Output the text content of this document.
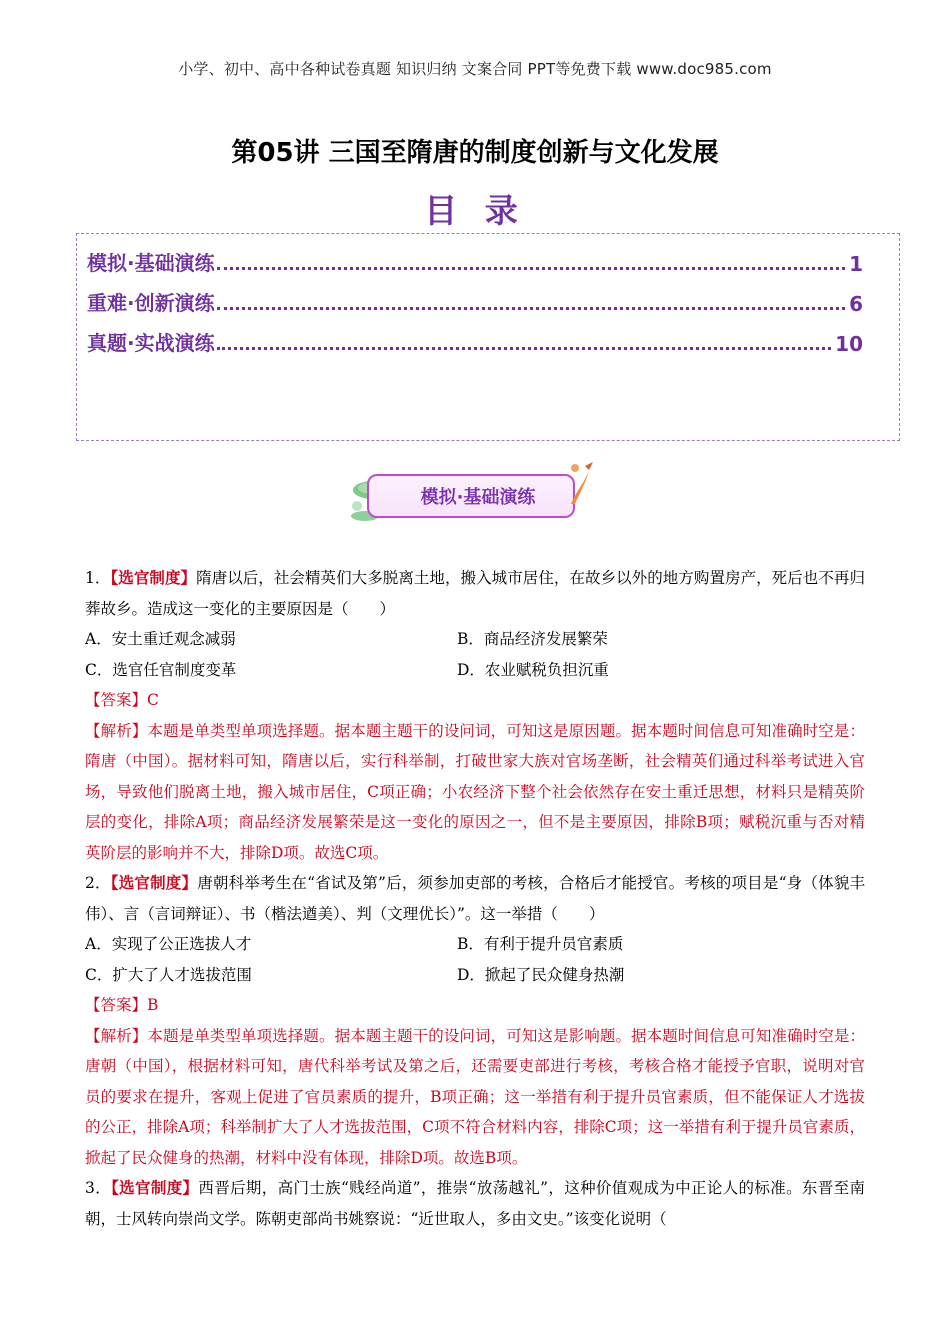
小学、初中、高中各种试卷真题 知识归纳 文案合同 PPT等免费下载 www.doc985.com
第05讲 三国至隋唐的制度创新与文化发展
目 录
模拟·基础演练	1
重难·创新演练	6
真题·实战演练	10
模拟·基础演练

1．【选官制度】隋唐以后，社会精英们大多脱离土地，搬入城市居住，在故乡以外的地方购置房产，死后也不再归葬故乡。造成这一变化的主要原因是（　　）

A．安土重迁观念减弱	B．商品经济发展繁荣
C．选官任官制度变革	D．农业赋税负担沉重

【答案】C

【解析】本题是单类型单项选择题。据本题主题干的设问词，可知这是原因题。据本题时间信息可知准确时空是：隋唐（中国）。据材料可知，隋唐以后，实行科举制，打破世家大族对官场垄断，社会精英们通过科举考试进入官场，导致他们脱离土地，搬入城市居住，C项正确；小农经济下整个社会依然存在安土重迁思想，材料只是精英阶层的变化，排除A项；商品经济发展繁荣是这一变化的原因之一，但不是主要原因，排除B项；赋税沉重与否对精英阶层的影响并不大，排除D项。故选C项。

2．【选官制度】唐朝科举考生在“省试及第”后，须参加吏部的考核，合格后才能授官。考核的项目是“身（体貌丰伟）、言（言词辩证）、书（楷法遒美）、判（文理优长）”。这一举措（　　）

A．实现了公正选拔人才	B．有利于提升员官素质
C．扩大了人才选拔范围	D．掀起了民众健身热潮

【答案】B

【解析】本题是单类型单项选择题。据本题主题干的设问词，可知这是影响题。据本题时间信息可知准确时空是：唐朝（中国），根据材料可知，唐代科举考试及第之后，还需要吏部进行考核，考核合格才能授予官职，说明对官员的要求在提升，客观上促进了官员素质的提升，B项正确；这一举措有利于提升员官素质，但不能保证人才选拔的公正，排除A项；科举制扩大了人才选拔范围，C项不符合材料内容，排除C项；这一举措有利于提升员官素质，掀起了民众健身的热潮，材料中没有体现，排除D项。故选B项。

3．【选官制度】西晋后期，高门士族“贱经尚道”，推崇“放荡越礼”，这种价值观成为中正论人的标准。东晋至南朝，士风转向崇尚文学。陈朝吏部尚书姚察说：“近世取人，多由文史。”该变化说明（
